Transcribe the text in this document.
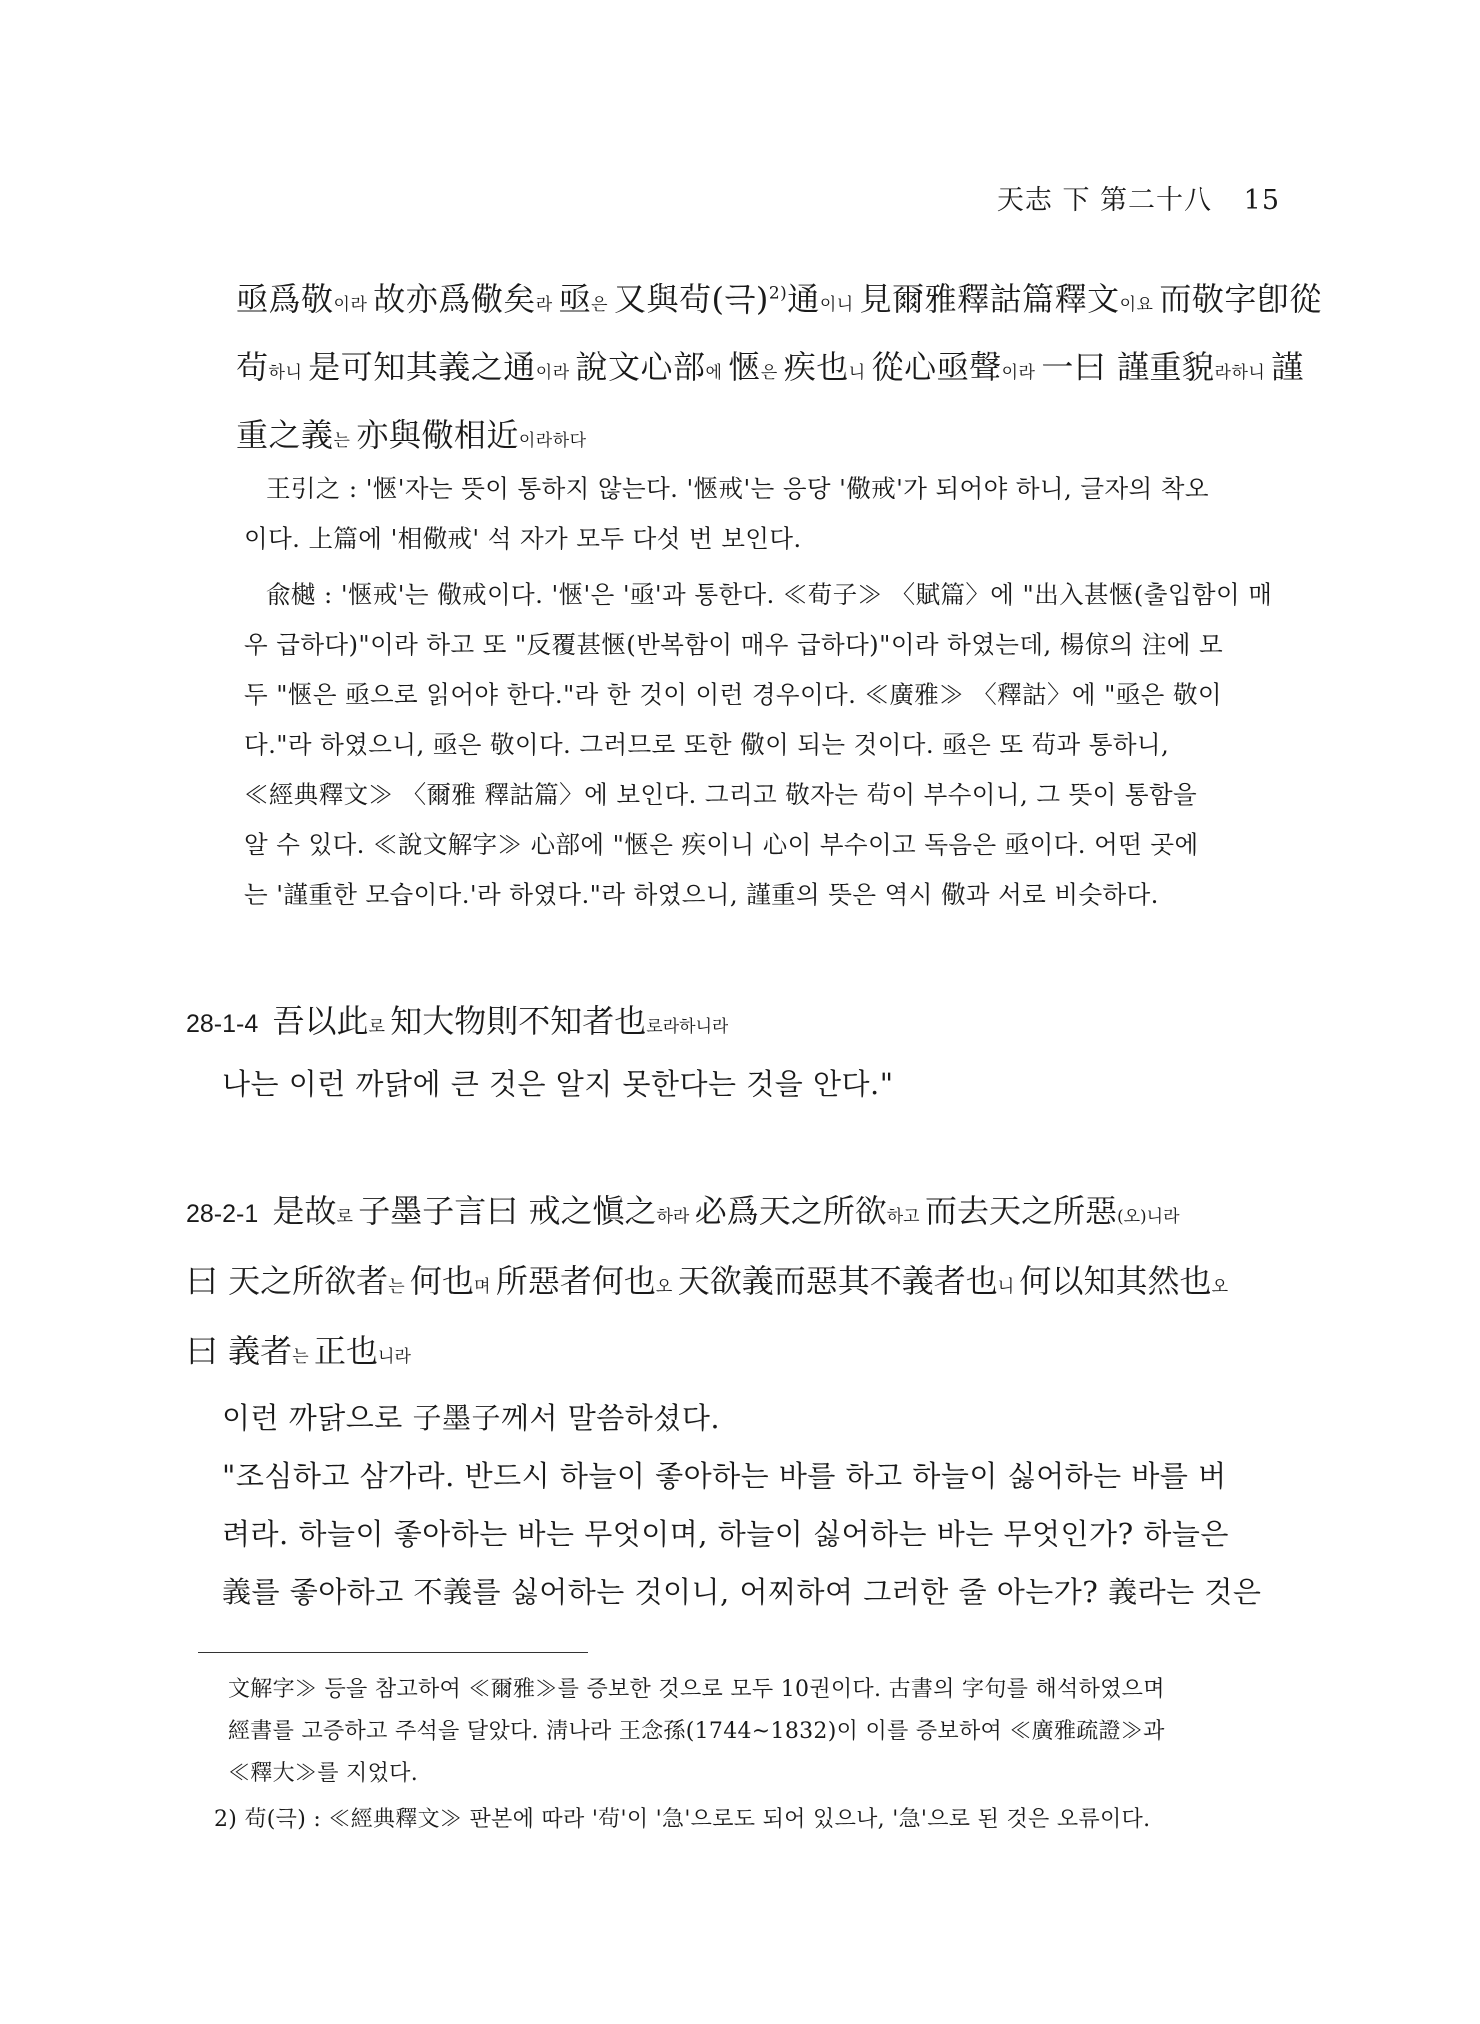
天志 下 第二十八 15
亟爲敬이라 故亦爲儆矣라 亟은 又與茍(극)$^{2)}$通이니 見爾雅釋詁篇釋文이요 而敬字卽從
茍하니 是可知其義之通이라 說文心部에 愜은 疾也니 從心亟聲이라 一曰 謹重貌라하니 謹
重之義는 亦與儆相近이라하다
王引之 : '愜'자는 뜻이 통하지 않는다. '愜戒'는 응당 '儆戒'가 되어야 하니, 글자의 착오
이다. 上篇에 '相儆戒' 석 자가 모두 다섯 번 보인다.
兪樾 : '愜戒'는 儆戒이다. '愜'은 '亟'과 통한다. ≪荀子≫ 〈賦篇〉에 "出入甚愜(출입함이 매
우 급하다)"이라 하고 또 "反覆甚愜(반복함이 매우 급하다)"이라 하였는데, 楊倞의 注에 모
두 "愜은 亟으로 읽어야 한다."라 한 것이 이런 경우이다. ≪廣雅≫ 〈釋詁〉에 "亟은 敬이
다."라 하였으니, 亟은 敬이다. 그러므로 또한 儆이 되는 것이다. 亟은 또 茍과 통하니,
≪經典釋文≫ 〈爾雅 釋詁篇〉에 보인다. 그리고 敬자는 茍이 부수이니, 그 뜻이 통함을
알 수 있다. ≪說文解字≫ 心部에 "愜은 疾이니 心이 부수이고 독음은 亟이다. 어떤 곳에
는 '謹重한 모습이다.'라 하였다."라 하였으니, 謹重의 뜻은 역시 儆과 서로 비슷하다.
28-1-4 吾以此로 知大物則不知者也로라하니라
나는 이런 까닭에 큰 것은 알지 못한다는 것을 안다."
28-2-1 是故로 子墨子言曰 戒之愼之하라 必爲天之所欲하고 而去天之所惡(오)니라
曰 天之所欲者는 何也며 所惡者何也오 天欲義而惡其不義者也니 何以知其然也오
曰 義者는 正也니라
이런 까닭으로 子墨子께서 말씀하셨다.
"조심하고 삼가라. 반드시 하늘이 좋아하는 바를 하고 하늘이 싫어하는 바를 버
려라. 하늘이 좋아하는 바는 무엇이며, 하늘이 싫어하는 바는 무엇인가? 하늘은
義를 좋아하고 不義를 싫어하는 것이니, 어찌하여 그러한 줄 아는가? 義라는 것은
文解字≫ 등을 참고하여 ≪爾雅≫를 증보한 것으로 모두 10권이다. 古書의 字句를 해석하였으며
經書를 고증하고 주석을 달았다. 淸나라 王念孫(1744~1832)이 이를 증보하여 ≪廣雅疏證≫과
≪釋大≫를 지었다.
2) 茍(극) : ≪經典釋文≫ 판본에 따라 '茍'이 '急'으로도 되어 있으나, '急'으로 된 것은 오류이다.
